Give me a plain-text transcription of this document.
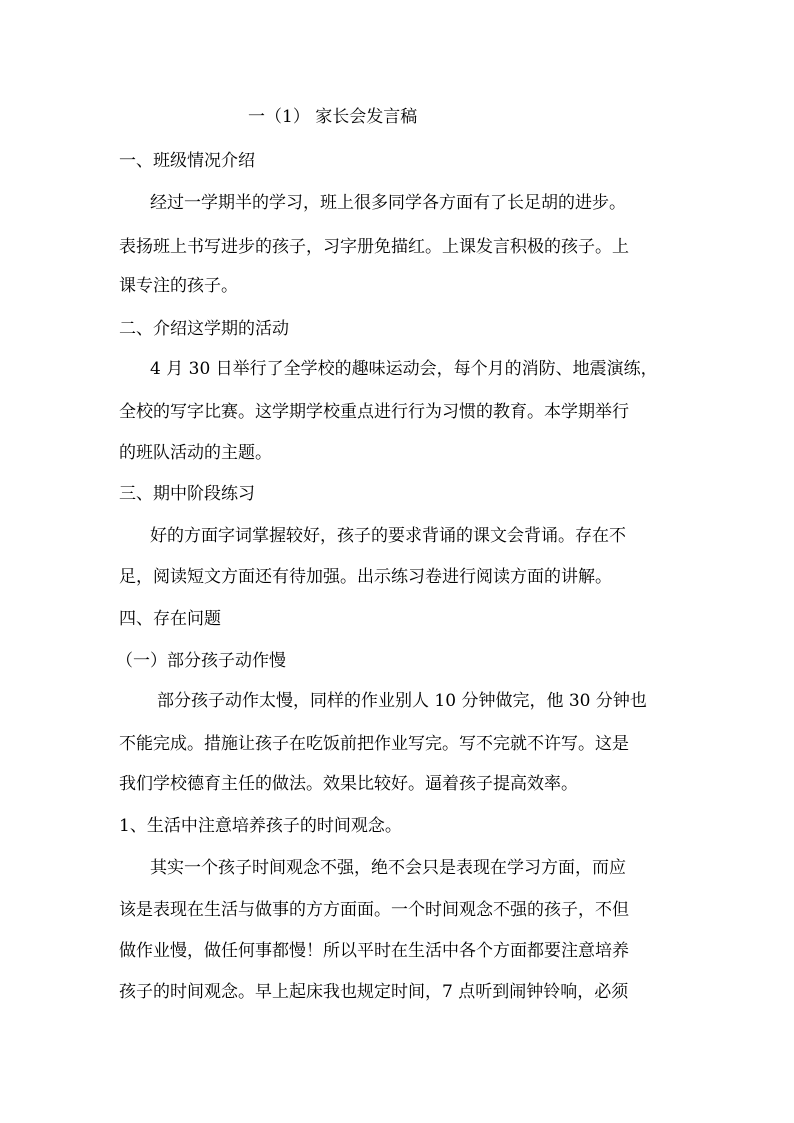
一（1） 家长会发言稿
一、班级情况介绍
经过一学期半的学习，班上很多同学各方面有了长足胡的进步。
表扬班上书写进步的孩子，习字册免描红。上课发言积极的孩子。上
课专注的孩子。
二、介绍这学期的活动
4 月 30 日举行了全学校的趣味运动会，每个月的消防、地震演练，
全校的写字比赛。这学期学校重点进行行为习惯的教育。本学期举行
的班队活动的主题。
三、期中阶段练习
好的方面字词掌握较好，孩子的要求背诵的课文会背诵。存在不
足，阅读短文方面还有待加强。出示练习卷进行阅读方面的讲解。
四、存在问题
（一）部分孩子动作慢
部分孩子动作太慢，同样的作业别人 10 分钟做完，他 30 分钟也
不能完成。措施让孩子在吃饭前把作业写完。写不完就不许写。这是
我们学校德育主任的做法。效果比较好。逼着孩子提高效率。
1、生活中注意培养孩子的时间观念。
其实一个孩子时间观念不强，绝不会只是表现在学习方面，而应
该是表现在生活与做事的方方面面。一个时间观念不强的孩子，不但
做作业慢，做任何事都慢！所以平时在生活中各个方面都要注意培养
孩子的时间观念。早上起床我也规定时间，7 点听到闹钟铃响，必须
